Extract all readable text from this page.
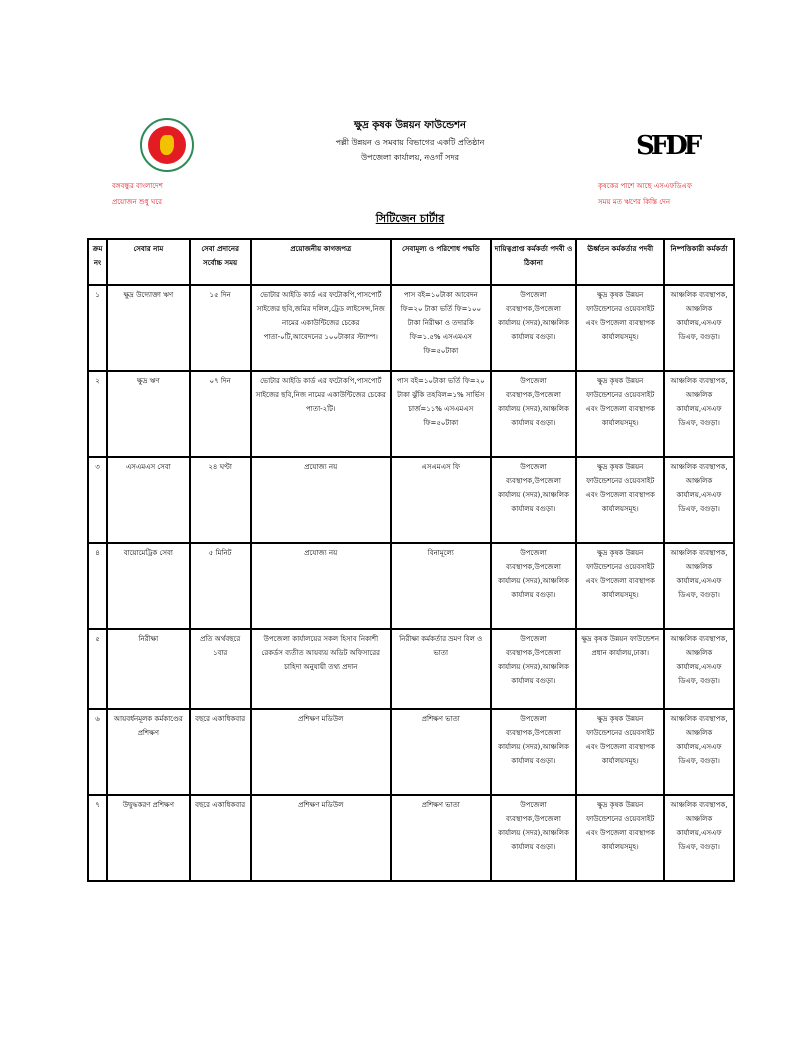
SFDF
ক্ষুদ্র কৃষক উন্নয়ন ফাউন্ডেশন
পল্লী উন্নয়ন ও সমবায় বিভাগের একটি প্রতিষ্ঠান
উপজেলা কার্যালয়, নওগাঁ সদর
বঙ্গবন্ধুর বাংলাদেশ
প্রয়োজন শুধু ঘরে
কৃষকের পাশে আছে এসএফডিএফ
সময় মত ঋণের কিস্তি দেন
সিটিজেন চার্টার
ক্রম নং	সেবার নাম	সেবা প্রদানের সর্বোচ্চ সময়	প্রয়োজনীয় কাগজপত্র	সেবামূল্য ও পরিশোধ পদ্ধতি	দায়িত্বপ্রাপ্ত কর্মকর্তা পদবী ও ঠিকানা	ঊর্ধ্বতন কর্মকর্তার পদবী	নিষ্পত্তিকারী কর্মকর্তা
১	ক্ষুদ্র উদ্যোক্তা ঋণ	১৫ দিন	ভোটার আইডি কার্ড এর ফটোকপি,পাসপোর্ট সাইজের ছবি,জমির দলিল,ট্রেড লাইসেন্স,নিজ নামের একাউন্টিজের চেকের পাতা-০টি,আবেদনের ১০০টাকার স্ট্যাম্প।	পাস বই=১০টাকা আবেদন ফি=২০ টাকা ভর্তি ফি=১০০ টাকা নিরীক্ষা ও তদারকি ফি=১.৫% এসএমএস ফি=৫০টাকা	উপজেলা ব্যবস্থাপক,উপজেলা কার্যালয় (সদর),আঞ্চলিক কার্যালয় বগুড়া।	ক্ষুদ্র কৃষক উন্নয়ন ফাউন্ডেশনের ওয়েবসাইট এবং উপজেলা ব্যবস্থাপক কার্যালয়সমূহ।	আঞ্চলিক ব্যবস্থাপক, আঞ্চলিক কার্যালয়,এসএফ ডিএফ, বগুড়া।
২	ক্ষুদ্র ঋণ	০৭ দিন	ভোটার আইডি কার্ড এর ফটোকপি,পাসপোর্ট সাইজের ছবি,নিজ নামের একাউন্টিজের চেকের পাতা-২টি।	পাস বই=১০টাকা ভর্তি ফি=২০ টাকা ঝুঁকি তহবিল=১% সার্ভিস চার্জ=১১% এসএমএস ফি=৫০টাকা	উপজেলা ব্যবস্থাপক,উপজেলা কার্যালয় (সদর),আঞ্চলিক কার্যালয় বগুড়া।	ক্ষুদ্র কৃষক উন্নয়ন ফাউন্ডেশনের ওয়েবসাইট এবং উপজেলা ব্যবস্থাপক কার্যালয়সমূহ।	আঞ্চলিক ব্যবস্থাপক, আঞ্চলিক কার্যালয়,এসএফ ডিএফ, বগুড়া।
৩	এসএমএস সেবা	২৪ ঘণ্টা	প্রযোজ্য নয়	এসএমএস ফি	উপজেলা ব্যবস্থাপক,উপজেলা কার্যালয় (সদর),আঞ্চলিক কার্যালয় বগুড়া।	ক্ষুদ্র কৃষক উন্নয়ন ফাউন্ডেশনের ওয়েবসাইট এবং উপজেলা ব্যবস্থাপক কার্যালয়সমূহ।	আঞ্চলিক ব্যবস্থাপক, আঞ্চলিক কার্যালয়,এসএফ ডিএফ, বগুড়া।
৪	বায়োমেট্রিক সেবা	৫ মিনিট	প্রযোজ্য নয়	বিনামূল্যে	উপজেলা ব্যবস্থাপক,উপজেলা কার্যালয় (সদর),আঞ্চলিক কার্যালয় বগুড়া।	ক্ষুদ্র কৃষক উন্নয়ন ফাউন্ডেশনের ওয়েবসাইট এবং উপজেলা ব্যবস্থাপক কার্যালয়সমূহ।	আঞ্চলিক ব্যবস্থাপক, আঞ্চলিক কার্যালয়,এসএফ ডিএফ, বগুড়া।
৫	নিরীক্ষা	প্রতি অর্থবছরে ১বার	উপজেলা কার্যালয়ের সকল হিসাব নিকাশী রেকর্ডস ব্যতীত আয়ব্যয় অডিট অফিসারের চাহিদা অনুযায়ী তথ্য প্রদান	নিরীক্ষা কর্মকর্তার ভ্রমণ বিল ও ভাতা	উপজেলা ব্যবস্থাপক,উপজেলা কার্যালয় (সদর),আঞ্চলিক কার্যালয় বগুড়া।	ক্ষুদ্র কৃষক উন্নয়ন ফাউন্ডেশন প্রধান কার্যালয়,ঢাকা।	আঞ্চলিক ব্যবস্থাপক, আঞ্চলিক কার্যালয়,এসএফ ডিএফ, বগুড়া।
৬	আয়বর্ধনমূলক কর্মকাণ্ডের প্রশিক্ষণ	বছরে একাধিকবার	প্রশিক্ষণ মডিউল	প্রশিক্ষণ ভাতা	উপজেলা ব্যবস্থাপক,উপজেলা কার্যালয় (সদর),আঞ্চলিক কার্যালয় বগুড়া।	ক্ষুদ্র কৃষক উন্নয়ন ফাউন্ডেশনের ওয়েবসাইট এবং উপজেলা ব্যবস্থাপক কার্যালয়সমূহ।	আঞ্চলিক ব্যবস্থাপক, আঞ্চলিক কার্যালয়,এসএফ ডিএফ, বগুড়া।
৭	উদ্বুদ্ধকরণ প্রশিক্ষণ	বছরে একাধিকবার	প্রশিক্ষণ মডিউল	প্রশিক্ষণ ভাতা	উপজেলা ব্যবস্থাপক,উপজেলা কার্যালয় (সদর),আঞ্চলিক কার্যালয় বগুড়া।	ক্ষুদ্র কৃষক উন্নয়ন ফাউন্ডেশনের ওয়েবসাইট এবং উপজেলা ব্যবস্থাপক কার্যালয়সমূহ।	আঞ্চলিক ব্যবস্থাপক, আঞ্চলিক কার্যালয়,এসএফ ডিএফ, বগুড়া।
